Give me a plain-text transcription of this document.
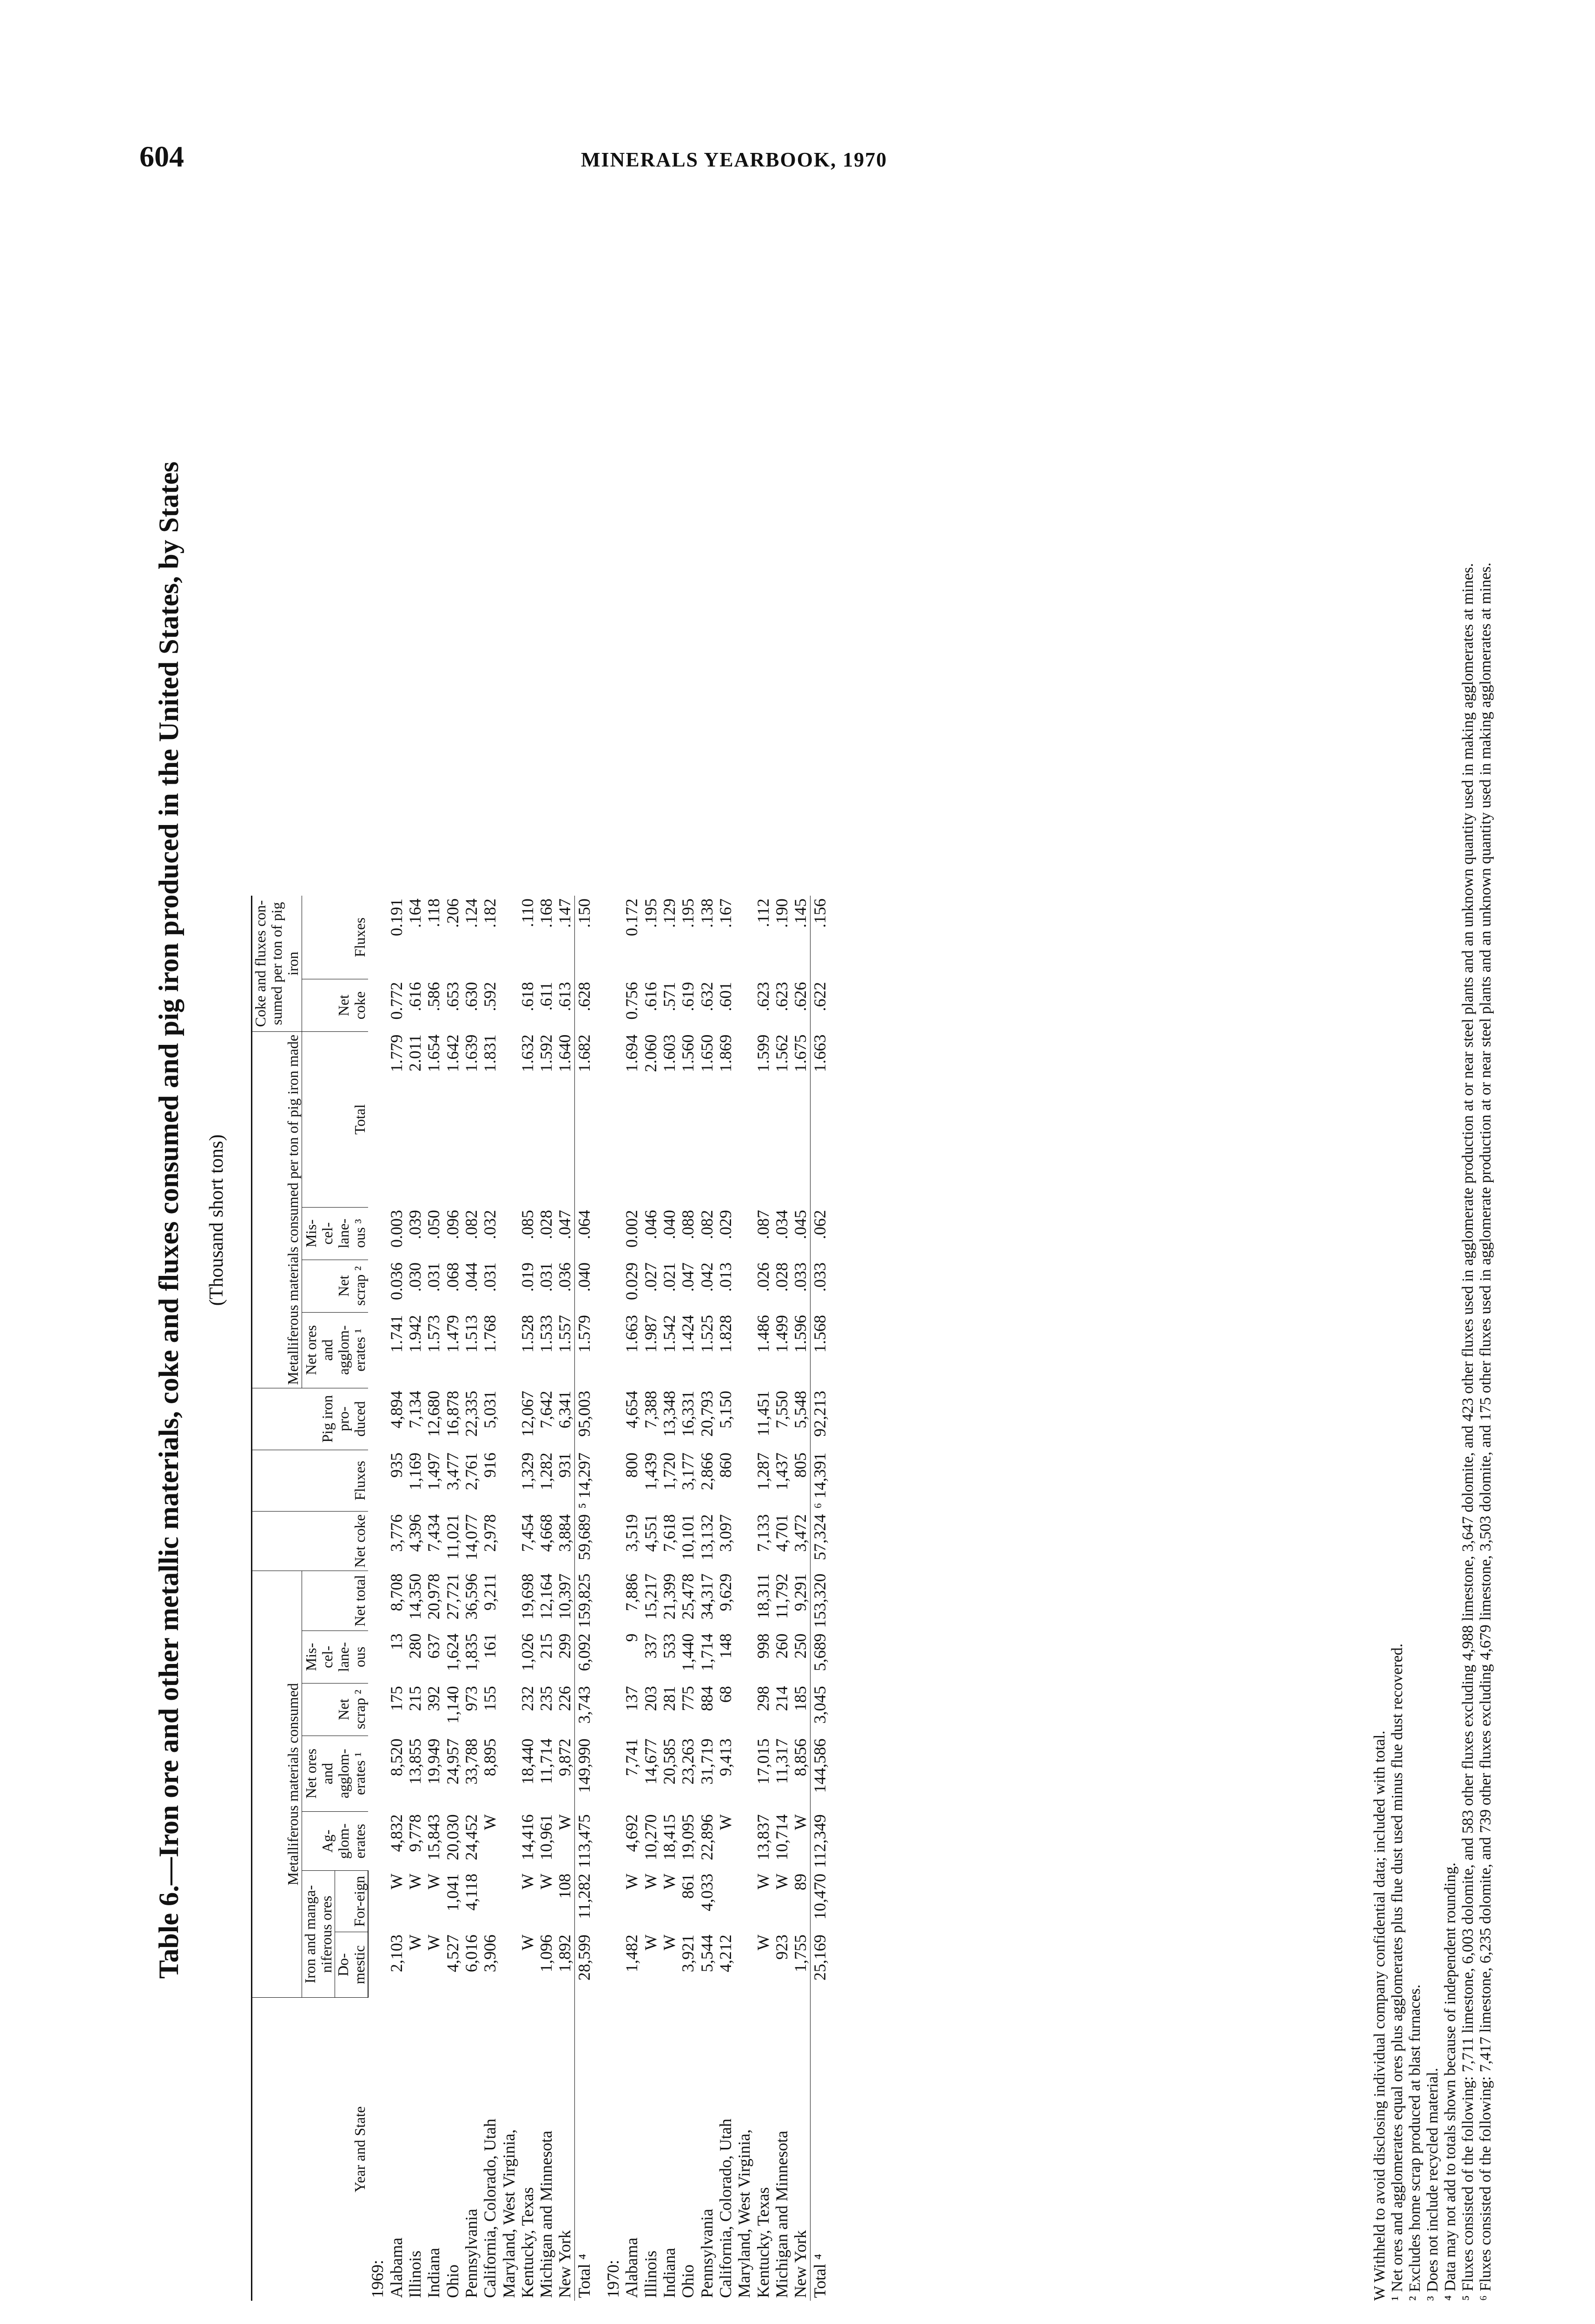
604	MINERALS YEARBOOK, 1970
Table 6.—Iron ore and other metallic materials, coke and fluxes consumed and pig iron produced in the United States, by States (Thousand short tons)
Year and State	Metalliferous materials consumed							Net coke	Fluxes	Pig iron pro-duced	Metalliferous materials consumed per ton of pig iron made				Coke and fluxes con-sumed per ton of pig iron	
	Iron and manga-niferous ores		Ag-glom-erates	Net ores and agglom-erates ¹	Net scrap ²	Mis-cel-lane-ous	Net total				Net ores and agglom-erates ¹	Net scrap ²	Mis-cel-lane-ous ³	Total	Net coke	Fluxes
	Do-mestic	For-eign														
1969:																
Alabama	2,103	W	4,832	8,520	175	13	8,708	3,776	935	4,894	1.741	0.036	0.003	1.779	0.772	0.191
Illinois	W	W	9,778	13,855	215	280	14,350	4,396	1,169	7,134	1.942	.030	.039	2.011	.616	.164
Indiana	W	W	15,843	19,949	392	637	20,978	7,434	1,497	12,680	1.573	.031	.050	1.654	.586	.118
Ohio	4,527	1,041	20,030	24,957	1,140	1,624	27,721	11,021	3,477	16,878	1.479	.068	.096	1.642	.653	.206
Pennsylvania	6,016	4,118	24,452	33,788	973	1,835	36,596	14,077	2,761	22,335	1.513	.044	.082	1.639	.630	.124
California, Colorado, Utah	3,906		W	8,895	155	161	9,211	2,978	916	5,031	1.768	.031	.032	1.831	.592	.182
Maryland, West Virginia,																
Kentucky, Texas	W	W	14,416	18,440	232	1,026	19,698	7,454	1,329	12,067	1.528	.019	.085	1.632	.618	.110
Michigan and Minnesota	1,096	W	10,961	11,714	235	215	12,164	4,668	1,282	7,642	1.533	.031	.028	1.592	.611	.168
New York	1,892	108	W	9,872	226	299	10,397	3,884	931	6,341	1.557	.036	.047	1.640	.613	.147
Total ⁴	28,599	11,282	113,475	149,990	3,743	6,092	159,825	59,689	⁵ 14,297	95,003	1.579	.040	.064	1.682	.628	.150

1970:																
Alabama	1,482	W	4,692	7,741	137	9	7,886	3,519	800	4,654	1.663	0.029	0.002	1.694	0.756	0.172
Illinois	W	W	10,270	14,677	203	337	15,217	4,551	1,439	7,388	1.987	.027	.046	2.060	.616	.195
Indiana	W	W	18,415	20,585	281	533	21,399	7,618	1,720	13,348	1.542	.021	.040	1.603	.571	.129
Ohio	3,921	861	19,095	23,263	775	1,440	25,478	10,101	3,177	16,331	1.424	.047	.088	1.560	.619	.195
Pennsylvania	5,544	4,033	22,896	31,719	884	1,714	34,317	13,132	2,866	20,793	1.525	.042	.082	1.650	.632	.138
California, Colorado, Utah	4,212		W	9,413	68	148	9,629	3,097	860	5,150	1.828	.013	.029	1.869	.601	.167
Maryland, West Virginia,																
Kentucky, Texas	W	W	13,837	17,015	298	998	18,311	7,133	1,287	11,451	1.486	.026	.087	1.599	.623	.112
Michigan and Minnesota	923	W	10,714	11,317	214	260	11,792	4,701	1,437	7,550	1.499	.028	.034	1.562	.623	.190
New York	1,755	89	W	8,856	185	250	9,291	3,472	805	5,548	1.596	.033	.045	1.675	.626	.145
Total ⁴	25,169	10,470	112,349	144,586	3,045	5,689	153,320	57,324	⁶ 14,391	92,213	1.568	.033	.062	1.663	.622	.156
W Withheld to avoid disclosing individual company confidential data; included with total. ¹ Net ores and agglomerates equal ores plus agglomerates plus flue dust used minus flue dust recovered. ² Excludes home scrap produced at blast furnaces. ³ Does not include recycled material. ⁴ Data may not add to totals shown because of independent rounding. ⁵ Fluxes consisted of the following: 7,711 limestone, 6,003 dolomite, and 583 other fluxes excluding 4,988 limestone, 3,647 dolomite, and 423 other fluxes used in agglomerate production at or near steel plants and an unknown quantity used in making agglomerates at mines. ⁶ Fluxes consisted of the following: 7,417 limestone, 6,235 dolomite, and 739 other fluxes excluding 4,679 limestone, 3,503 dolomite, and 175 other fluxes used in agglomerate production at or near steel plants and an unknown quantity used in making agglomerates at mines.
